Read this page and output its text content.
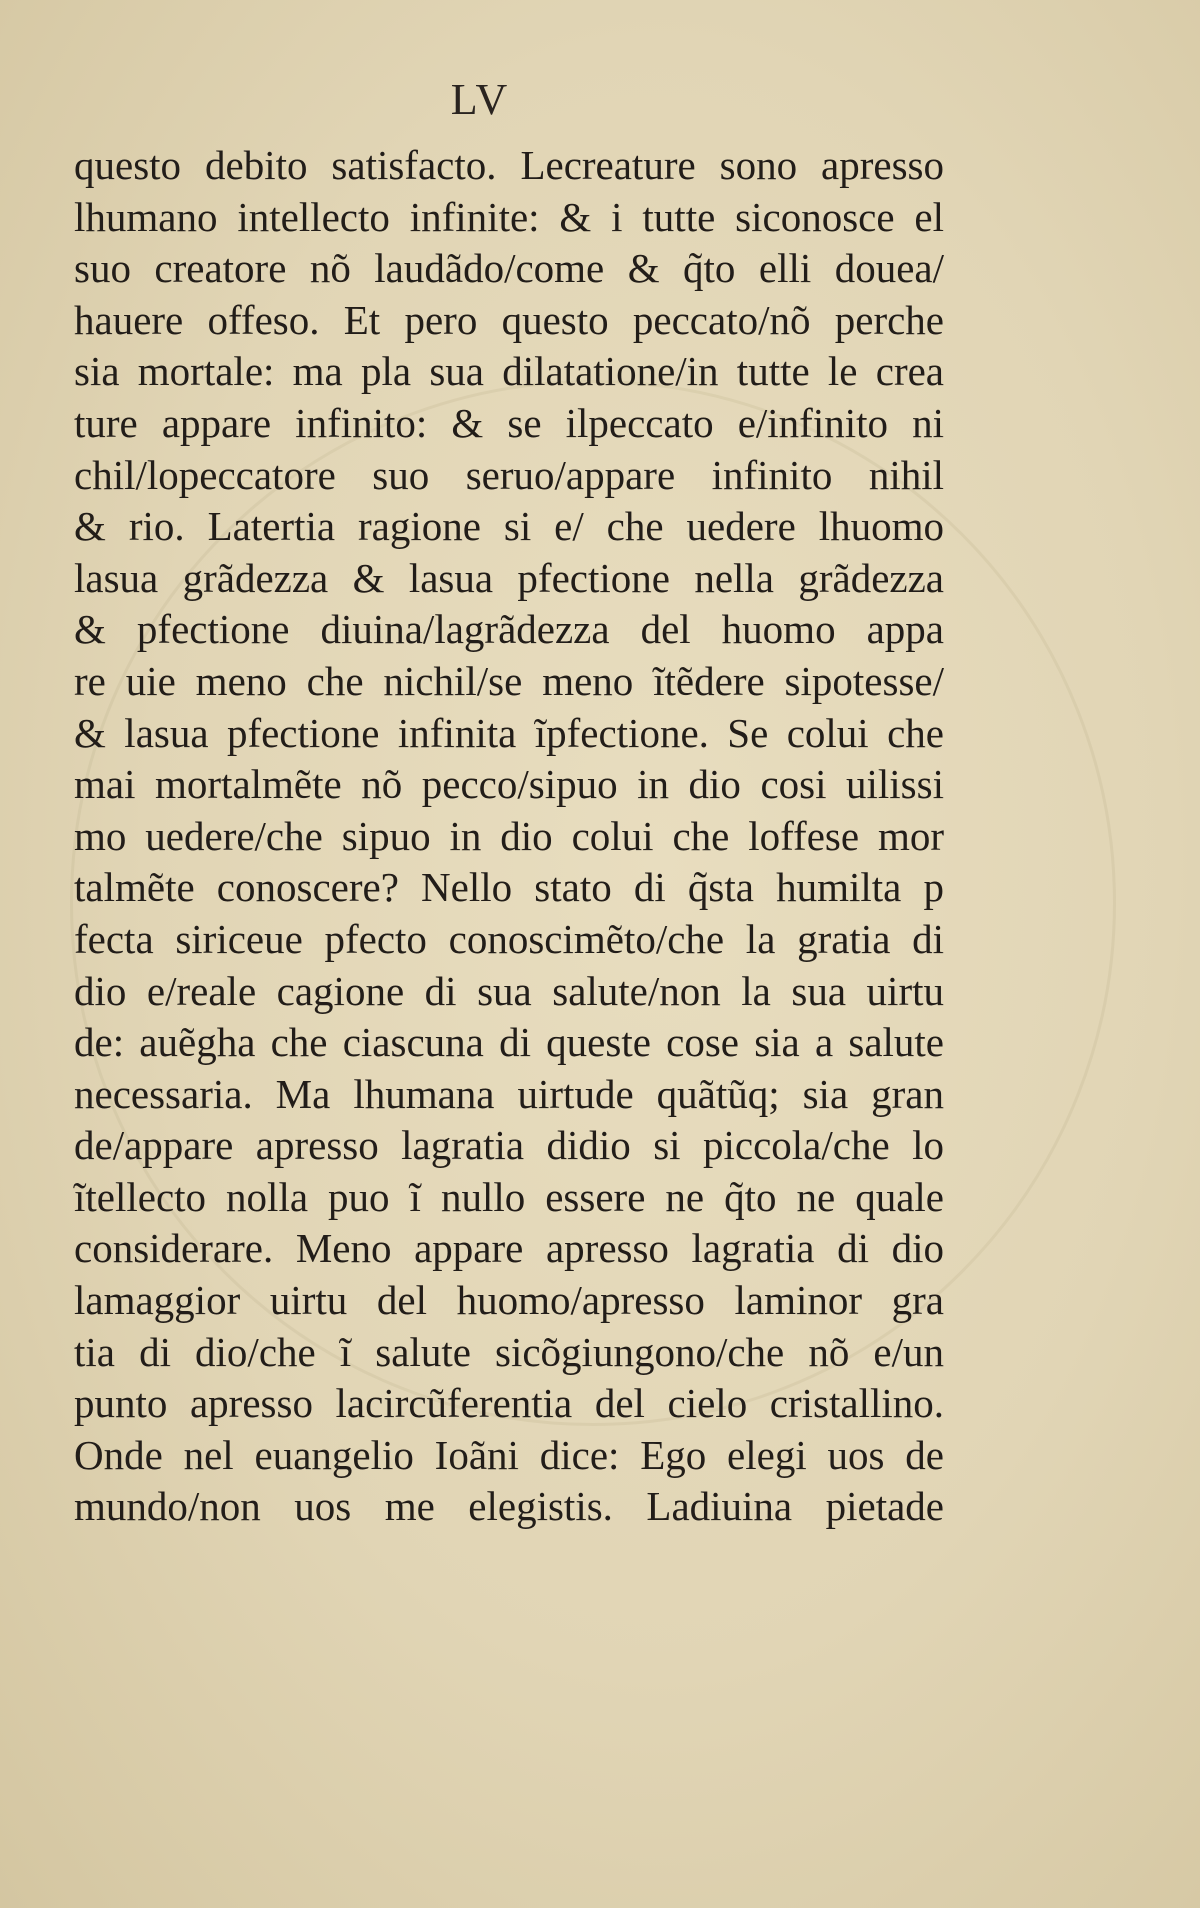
LV
questo debito satisfacto. Lecreature sono apresso
lhumano intellecto infinite: & i tutte siconosce el
suo creatore nõ laudãdo/come & q̃to elli douea/
hauere offeso. Et pero questo peccato/nõ perche
sia mortale: ma pla sua dilatatione/in tutte le crea
ture appare infinito: & se ilpeccato e/infinito ni
chil/lopeccatore suo seruo/appare infinito nihil
& rio. Latertia ragione si e/ che uedere lhuomo
lasua grãdezza & lasua pfectione nella grãdezza
& pfectione diuina/lagrãdezza del huomo appa
re uie meno che nichil/se meno ĩtẽdere sipotesse/
& lasua pfectione infinita ĩpfectione. Se colui che
mai mortalmẽte nõ pecco/sipuo in dio cosi uilissi
mo uedere/che sipuo in dio colui che loffese mor
talmẽte conoscere? Nello stato di q̃sta humilta p
fecta siriceue pfecto conoscimẽto/che la gratia di
dio e/reale cagione di sua salute/non la sua uirtu
de: auẽgha che ciascuna di queste cose sia a salute
necessaria. Ma lhumana uirtude quãtũq; sia gran
de/appare apresso lagratia didio si piccola/che lo
ĩtellecto nolla puo ĩ nullo essere ne q̃to ne quale
considerare. Meno appare apresso lagratia di dio
lamaggior uirtu del huomo/apresso laminor gra
tia di dio/che ĩ salute sicõgiungono/che nõ e/un
punto apresso lacircũferentia del cielo cristallino.
Onde nel euangelio Ioãni dice: Ego elegi uos de
mundo/non uos me elegistis. Ladiuina pietade
